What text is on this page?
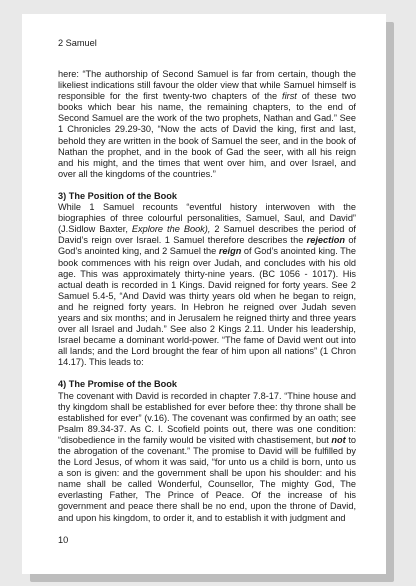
2 Samuel

here: “The authorship of Second Samuel is far from certain, though the likeliest indications still favour the older view that while Samuel himself is responsible for the first twenty-two chapters of the first of these two books which bear his name, the remaining chapters, to the end of Second Samuel are the work of the two prophets, Nathan and Gad.” See 1 Chronicles 29.29-30, “Now the acts of David the king, first and last, behold they are written in the book of Samuel the seer, and in the book of Nathan the prophet, and in the book of Gad the seer, with all his reign and his might, and the times that went over him, and over Israel, and over all the kingdoms of the countries.”

3) The Position of the Book

While 1 Samuel recounts “eventful history interwoven with the biographies of three colourful personalities, Samuel, Saul, and David” (J.Sidlow Baxter, Explore the Book), 2 Samuel describes the period of David’s reign over Israel. 1 Samuel therefore describes the rejection of God’s anointed king, and 2 Samuel the reign of God’s anointed king. The book commences with his reign over Judah, and concludes with his old age. This was approximately thirty-nine years. (BC 1056 - 1017). His actual death is recorded in 1 Kings. David reigned for forty years. See 2 Samuel 5.4-5, “And David was thirty years old when he began to reign, and he reigned forty years. In Hebron he reigned over Judah seven years and six months; and in Jerusalem he reigned thirty and three years over all Israel and Judah.” See also 2 Kings 2.11. Under his leadership, Israel became a dominant world-power. “The fame of David went out into all lands; and the Lord brought the fear of him upon all nations” (1 Chron 14.17). This leads to:

4) The Promise of the Book

The covenant with David is recorded in chapter 7.8-17. “Thine house and thy kingdom shall be established for ever before thee: thy throne shall be established for ever” (v.16). The covenant was confirmed by an oath; see Psalm 89.34-37. As C. I. Scofield points out, there was one condition: “disobedience in the family would be visited with chastisement, but not to the abrogation of the covenant.” The promise to David will be fulfilled by the Lord Jesus, of whom it was said, “for unto us a child is born, unto us a son is given: and the government shall be upon his shoulder: and his name shall be called Wonderful, Counsellor, The mighty God, The everlasting Father, The Prince of Peace. Of the increase of his government and peace there shall be no end, upon the throne of David, and upon his kingdom, to order it, and to establish it with judgment and

10
